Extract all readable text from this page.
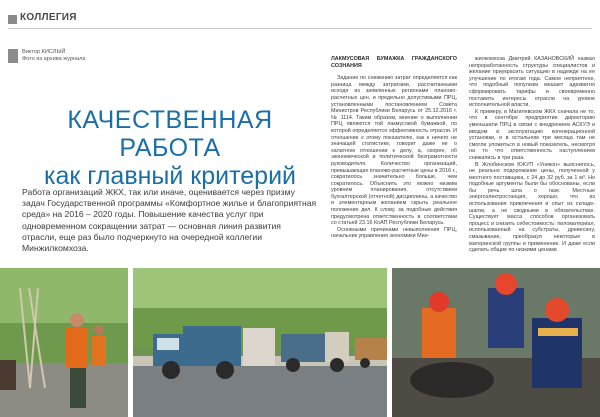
КОЛЛЕГИЯ
Виктор КИСЛЫЙ
Фото из архива журнала
КАЧЕСТВЕННАЯ РАБОТА
как главный критерий
Работа организаций ЖКХ, так или иначе, оценивается через призму задач Государственной программы «Комфортное жилье и благоприятная среда» на 2016 – 2020 годы. Повышение качества услуг при одновременном сокращении затрат — основная линия развития отрасли, еще раз было подчеркнуто на очередной коллегии Минжилкомхоза.

ЛАКМУСОВАЯ БУМАЖКА ГРАЖДАНСКОГО СОЗНАНИЯ

Задание по снижению затрат определяется как разница между затратами, рассчитанными исходя из заявленных регионами планово-расчетных цен, и предельно допустимыми ПРЦ, установленными постановлением Совета Министров Республики Беларусь от 25.12.2016 г. № 1114. Таким образом, мнение о выполнении ПРЦ являются той лакмусовой бумажкой, по которой определяется эффективность отрасли. И отношение к этому показателю, как к ничего не значащей статистике, говорит даже не о халатном отношении к делу, а, скорее, об экономической и политической безграмотности руководителя. Количество организаций, превышающих планово-расчетные цены в 2016 г., сократилось значительно больше, чем сократилось. Объяснить это можно низким уровнем планирования, отсутствием бухгалтерской (отчетной) дисциплины, а качество и элементарным желанием скрыть реальное положение дел. К слову, за подобные действия предусмотрена ответственность в соответствии со статьей 23.16 КоАП Республики Беларусь.

Основными причинами невыполнения ПРЦ, начальник управления экономики Мин-

жилкомхоза Дмитрий КАЗАНОВСКИЙ назвал непроработанность структуры специалистов и желание приукрасить ситуацию в надежде на ее улучшение по итогам года. Самое неприятное, что подобный популизм мешает адекватно сформировать тарифы и своевременно поставить интересы отрасли на уровне исполнительной власти.

К примеру, в Магилевском ЖКХ сначала не то, что в сентябре предприятие директорию уменьшили ПРЦ в связи с внедрением АСКУЭ и вводом в эксплуатацию когенерационной установки, и в остальном три месяца там не смогли уложиться в новый показатель, несмотря на то что ответственность наступлением снижались в три раза.

В Жлобинском ЮКУП «Уникон» выяснилось, не реально подорожание цены, полученной у местного поставщика, с 24 до 32 руб. за 1 м³. Но подобные аргументы были бы обоснованы, если бы речь шла о газе. Местные энергоэлектростанция, хорошо, что из использования привлечения и опыт из складе-шагов, а не сводными в обязательствах. Существует масса способов организовать процесс и снизить себестоимость: пиломатериал, использованный на субстраты, древесину, смазывание, преобразуя некоторые в материнской группы и применение. И даже если сделать общие по низкими ценами
